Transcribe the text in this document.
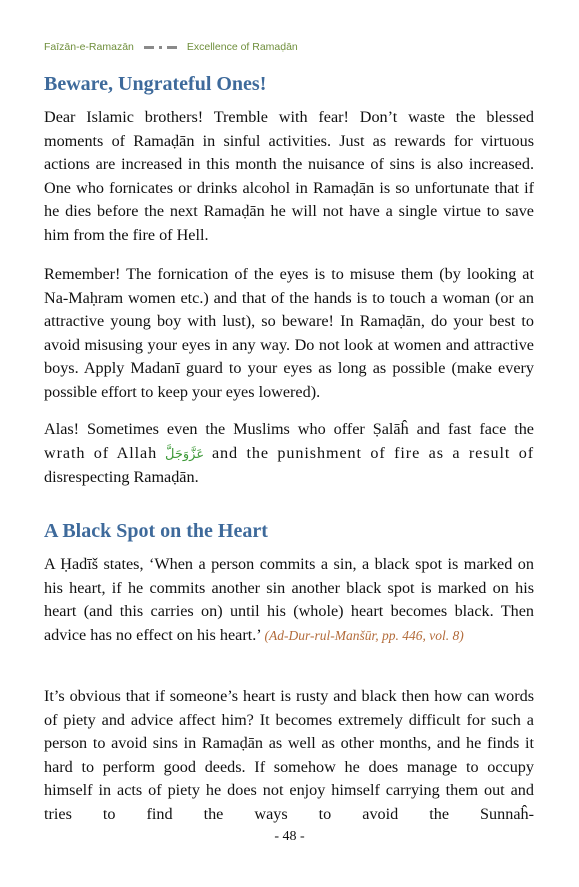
Faīzān-e-Ramazān	Excellence of Ramaḍān
Beware, Ungrateful Ones!

Dear Islamic brothers! Tremble with fear! Don’t waste the blessed moments of Ramaḍān in sinful activities. Just as rewards for virtuous actions are increased in this month the nuisance of sins is also increased. One who fornicates or drinks alcohol in Ramaḍān is so unfortunate that if he dies before the next Ramaḍān he will not have a single virtue to save him from the fire of Hell.

Remember! The fornication of the eyes is to misuse them (by looking at Na-Maḥram women etc.) and that of the hands is to touch a woman (or an attractive young boy with lust), so beware! In Ramaḍān, do your best to avoid misusing your eyes in any way. Do not look at women and attractive boys. Apply Madanī guard to your eyes as long as possible (make every possible effort to keep your eyes lowered).

Alas! Sometimes even the Muslims who offer Ṣalāĥ and fast face the
wrath of Allah عَزَّوَجَلَّ and the punishment of fire as a result of
disrespecting Ramaḍān.
A Black Spot on the Heart

A Ḥadīš states, ‘When a person commits a sin, a black spot is marked on his heart, if he commits another sin another black spot is marked on his heart (and this carries on) until his (whole) heart becomes black. Then advice has no effect on his heart.’ (Ad-Dur-rul-Manšūr, pp. 446, vol. 8)

It’s obvious that if someone’s heart is rusty and black then how can words of piety and advice affect him? It becomes extremely difficult for such a person to avoid sins in Ramaḍān as well as other months, and he finds it hard to perform good deeds. If somehow he does manage to occupy himself in acts of piety he does not enjoy himself carrying them out and tries to find the ways to avoid the Sunnaĥ-

- 48 -
